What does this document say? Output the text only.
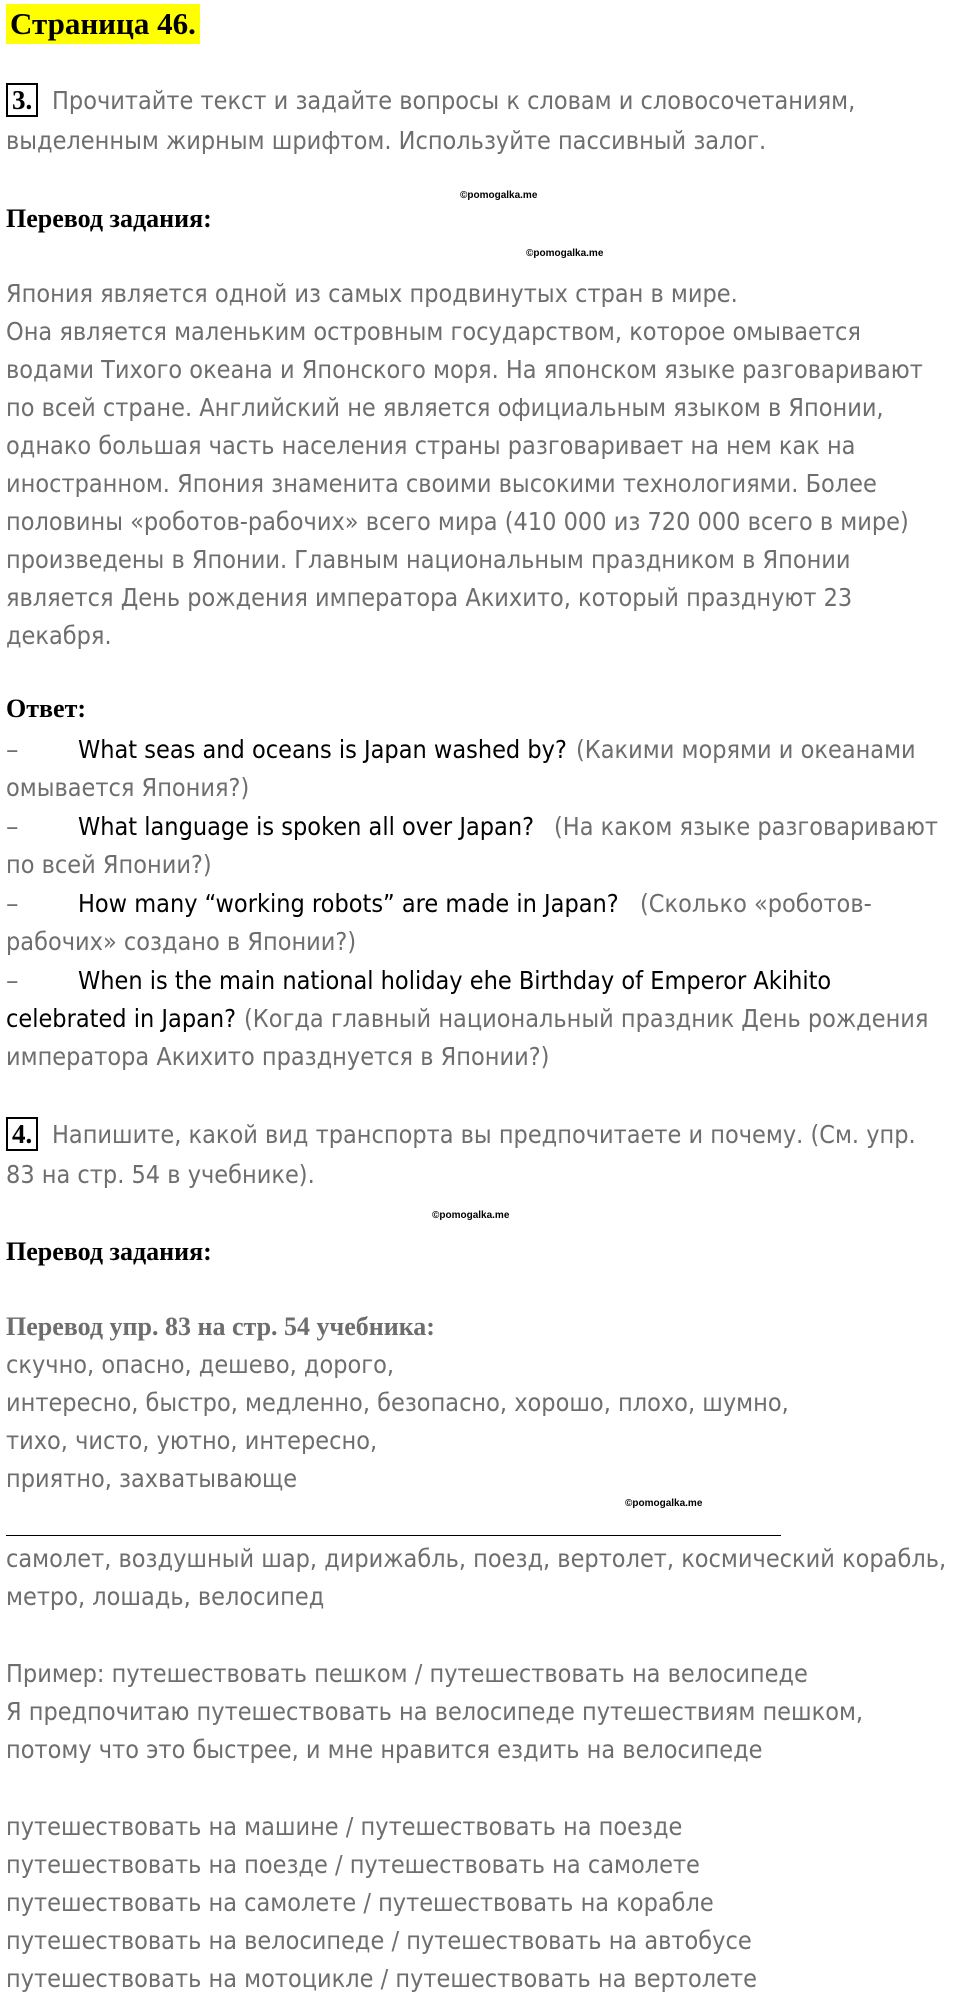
Страница 46.
3. Прочитайте текст и задайте вопросы к словам и словосочетаниям,
выделенным жирным шрифтом. Используйте пассивный залог.
©pomogalka.me
Перевод задания:
©pomogalka.me
Япония является одной из самых продвинутых стран в мире.
Она является маленьким островным государством, которое омывается
водами Тихого океана и Японского моря. На японском языке разговаривают
по всей стране. Английский не является официальным языком в Японии,
однако большая часть населения страны разговаривает на нем как на
иностранном. Япония знаменита своими высокими технологиями. Более
половины «роботов-рабочих» всего мира (410 000 из 720 000 всего в мире)
произведены в Японии. Главным национальным праздником в Японии
является День рождения императора Акихито, который празднуют 23
декабря.
Ответ:
– What seas and oceans is Japan washed by? (Какими морями и океанами
омывается Япония?)
– What language is spoken all over Japan? (На каком языке разговаривают
по всей Японии?)
– How many “working robots” are made in Japan? (Сколько «роботов-
рабочих» создано в Японии?)
– When is the main national holiday ehe Birthday of Emperor Akihito
celebrated in Japan? (Когда главный национальный праздник День рождения
императора Акихито празднуется в Японии?)
4. Напишите, какой вид транспорта вы предпочитаете и почему. (См. упр.
83 на стр. 54 в учебнике).
©pomogalka.me
Перевод задания:
Перевод упр. 83 на стр. 54 учебника:
скучно, опасно, дешево, дорого,
интересно, быстро, медленно, безопасно, хорошо, плохо, шумно,
тихо, чисто, уютно, интересно,
приятно, захватывающе
©pomogalka.me
самолет, воздушный шар, дирижабль, поезд, вертолет, космический корабль,
метро, лошадь, велосипед
Пример: путешествовать пешком / путешествовать на велосипеде
Я предпочитаю путешествовать на велосипеде путешествиям пешком,
потому что это быстрее, и мне нравится ездить на велосипеде
путешествовать на машине / путешествовать на поезде
путешествовать на поезде / путешествовать на самолете
путешествовать на самолете / путешествовать на корабле
путешествовать на велосипеде / путешествовать на автобусе
путешествовать на мотоцикле / путешествовать на вертолете
